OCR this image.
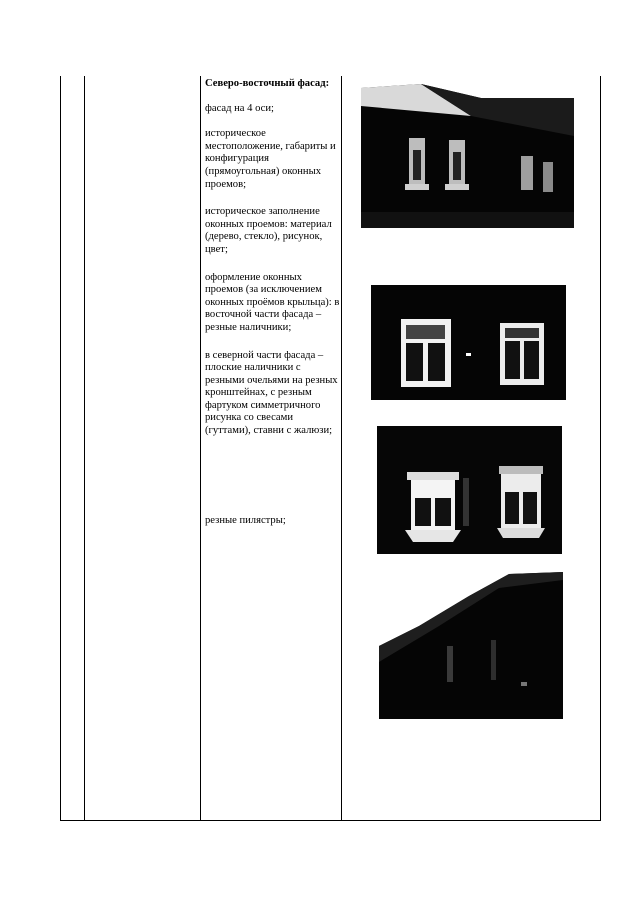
Северо-восточный фасад:

фасад на 4 оси;

историческое местоположение, габариты и конфигурация (прямоугольная) оконных проемов;

историческое заполнение оконных проемов: материал (дерево, стекло), рисунок, цвет;

оформление оконных проемов (за исключением оконных проёмов крыльца): в восточной части фасада – резные наличники;

в северной части фасада – плоские наличники с резными очельями на резных кронштейнах, с резным фартуком симметричного рисунка со свесами (гуттами), ставни с жалюзи;

резные пилястры;
